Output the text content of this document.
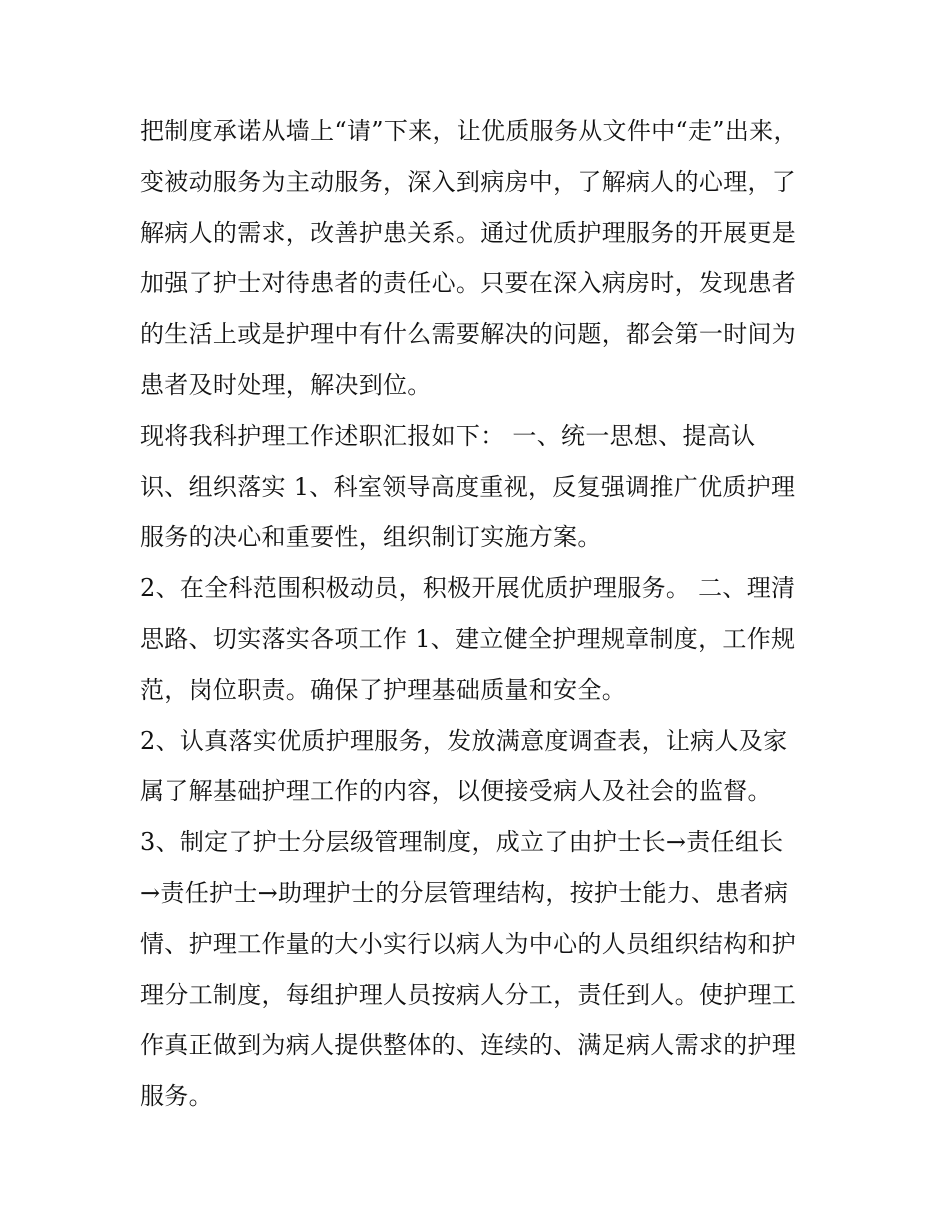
把制度承诺从墙上“请”下来，让优质服务从文件中“走”出来，
变被动服务为主动服务，深入到病房中，了解病人的心理，了
解病人的需求，改善护患关系。通过优质护理服务的开展更是
加强了护士对待患者的责任心。只要在深入病房时，发现患者
的生活上或是护理中有什么需要解决的问题，都会第一时间为
患者及时处理，解决到位。
现将我科护理工作述职汇报如下： 一、统一思想、提高认
识、组织落实 1、科室领导高度重视，反复强调推广优质护理
服务的决心和重要性，组织制订实施方案。
2、在全科范围积极动员，积极开展优质护理服务。 二、理清
思路、切实落实各项工作 1、建立健全护理规章制度，工作规
范，岗位职责。确保了护理基础质量和安全。
2、认真落实优质护理服务，发放满意度调查表，让病人及家
属了解基础护理工作的内容，以便接受病人及社会的监督。
3、制定了护士分层级管理制度，成立了由护士长→责任组长
→责任护士→助理护士的分层管理结构，按护士能力、患者病
情、护理工作量的大小实行以病人为中心的人员组织结构和护
理分工制度，每组护理人员按病人分工，责任到人。使护理工
作真正做到为病人提供整体的、连续的、满足病人需求的护理
服务。
